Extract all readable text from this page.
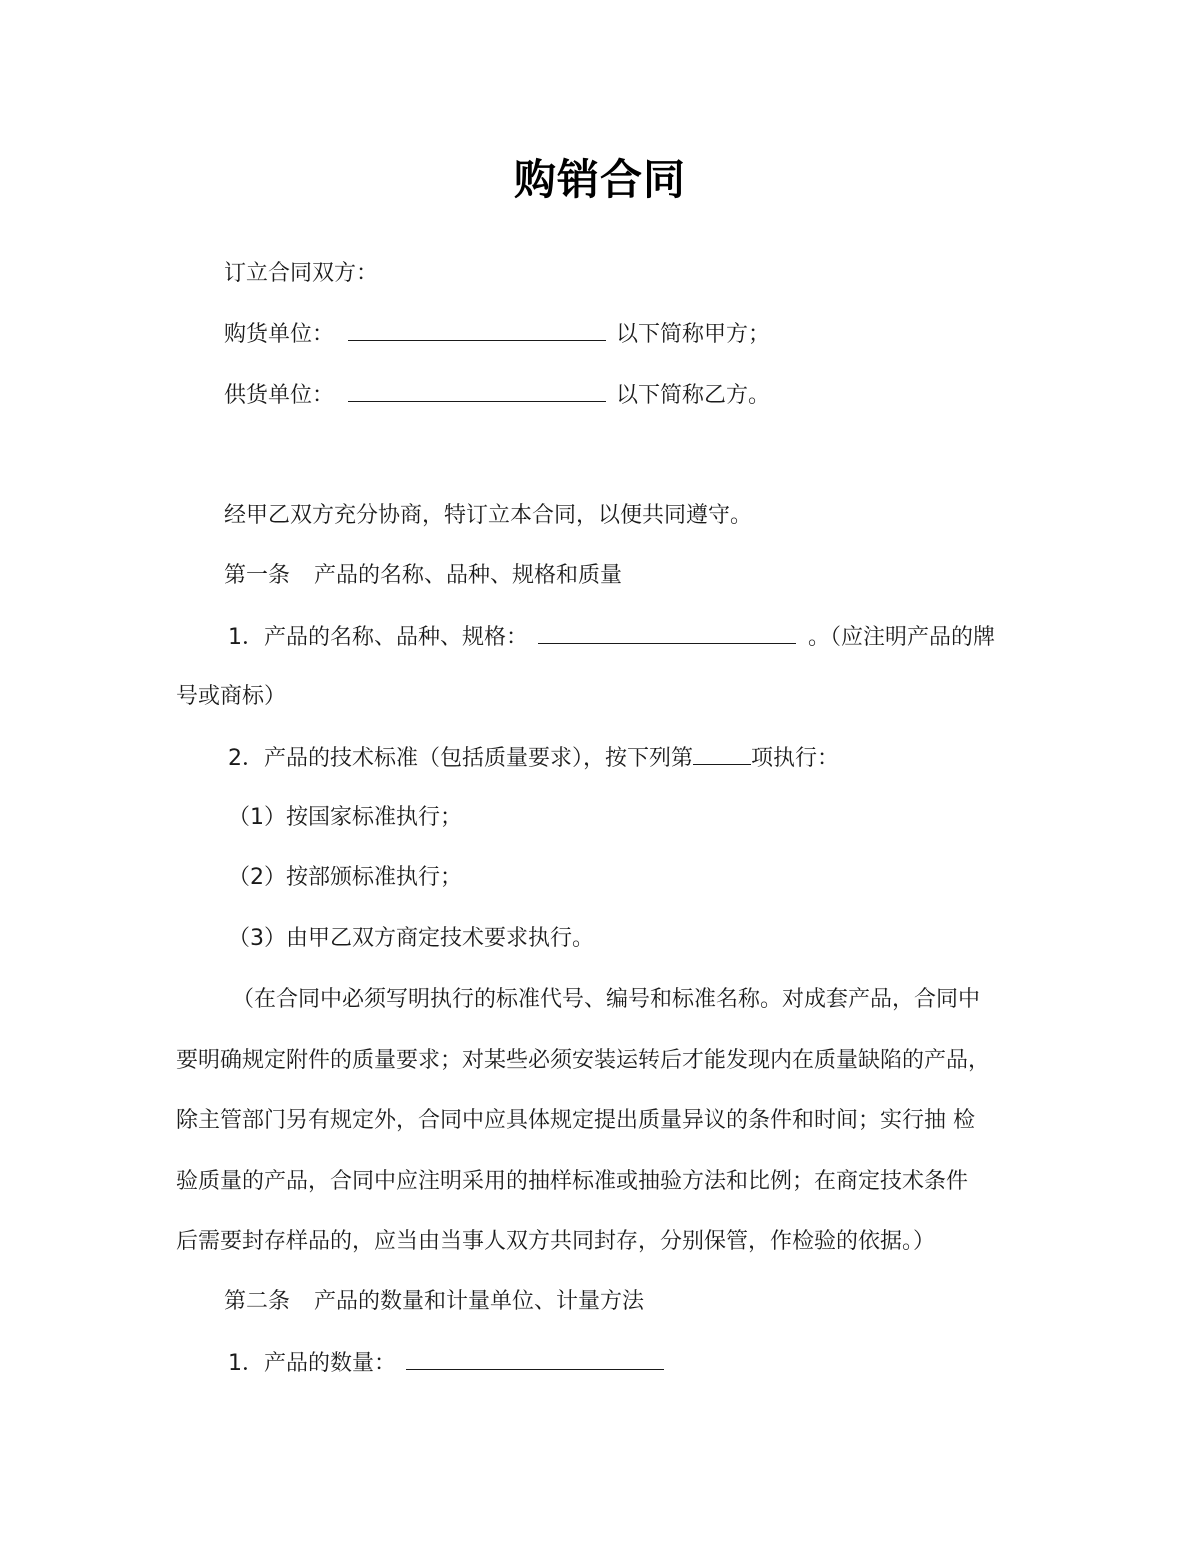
购销合同
订立合同双方：
购货单位：	以下简称甲方；
供货单位：	以下简称乙方。
经甲乙双方充分协商，特订立本合同，以便共同遵守。
第一条 产品的名称、品种、规格和质量
1．产品的名称、品种、规格：	。（应注明产品的牌
号或商标）
2．产品的技术标准（包括质量要求），按下列第	项执行：
（1）按国家标准执行；
（2）按部颁标准执行；
（3）由甲乙双方商定技术要求执行。
（在合同中必须写明执行的标准代号、编号和标准名称。对成套产品，合同中
要明确规定附件的质量要求；对某些必须安装运转后才能发现内在质量缺陷的产品，
除主管部门另有规定外，合同中应具体规定提出质量异议的条件和时间；实行抽 检
验质量的产品，合同中应注明采用的抽样标准或抽验方法和比例；在商定技术条件
后需要封存样品的，应当由当事人双方共同封存，分别保管，作检验的依据。）
第二条 产品的数量和计量单位、计量方法
1．产品的数量：
